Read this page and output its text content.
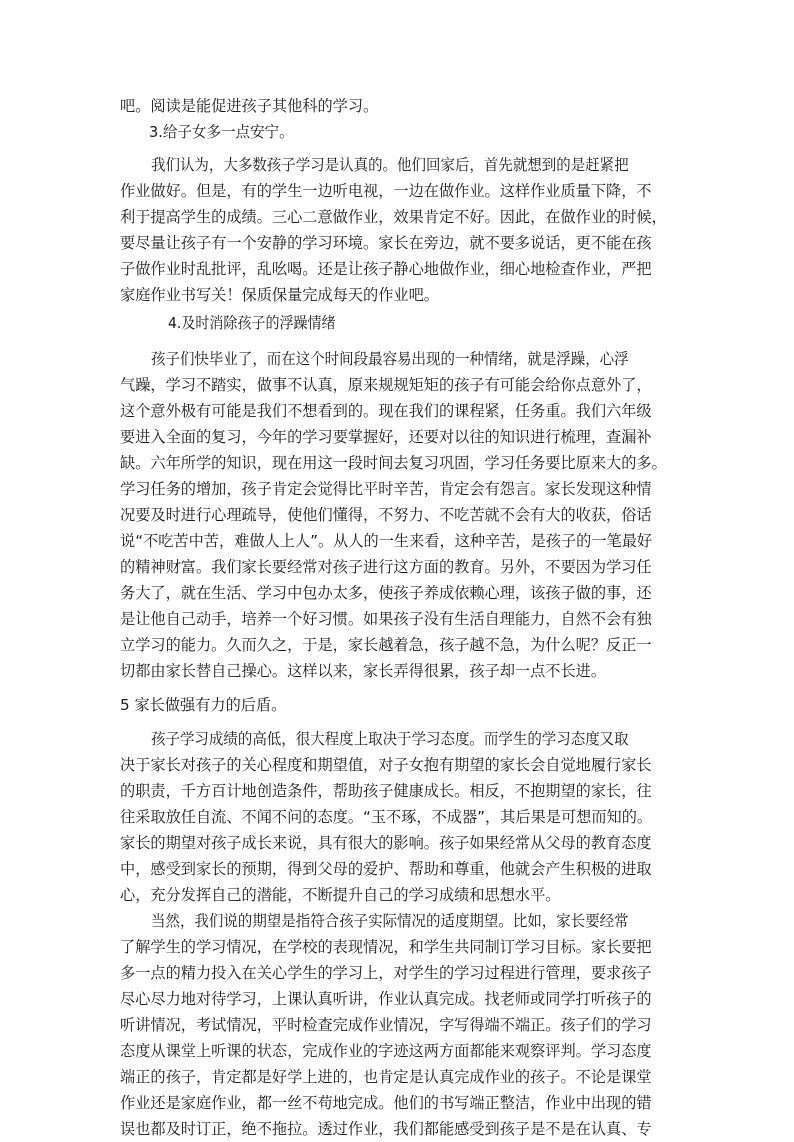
吧。阅读是能促进孩子其他科的学习。
3.给子女多一点安宁。
我们认为，大多数孩子学习是认真的。他们回家后，首先就想到的是赶紧把
作业做好。但是，有的学生一边听电视，一边在做作业。这样作业质量下降，不
利于提高学生的成绩。三心二意做作业，效果肯定不好。因此，在做作业的时候，
要尽量让孩子有一个安静的学习环境。家长在旁边，就不要多说话，更不能在孩
子做作业时乱批评，乱吆喝。还是让孩子静心地做作业，细心地检查作业，严把
家庭作业书写关！保质保量完成每天的作业吧。
4.及时消除孩子的浮躁情绪
孩子们快毕业了，而在这个时间段最容易出现的一种情绪，就是浮躁，心浮
气躁，学习不踏实，做事不认真，原来规规矩矩的孩子有可能会给你点意外了，
这个意外极有可能是我们不想看到的。现在我们的课程紧，任务重。我们六年级
要进入全面的复习，今年的学习要掌握好，还要对以往的知识进行梳理，查漏补
缺。六年所学的知识，现在用这一段时间去复习巩固，学习任务要比原来大的多。
学习任务的增加，孩子肯定会觉得比平时辛苦，肯定会有怨言。家长发现这种情
况要及时进行心理疏导，使他们懂得，不努力、不吃苦就不会有大的收获，俗话
说“不吃苦中苦，难做人上人”。从人的一生来看，这种辛苦，是孩子的一笔最好
的精神财富。我们家长要经常对孩子进行这方面的教育。另外，不要因为学习任
务大了，就在生活、学习中包办太多，使孩子养成依赖心理，该孩子做的事，还
是让他自己动手，培养一个好习惯。如果孩子没有生活自理能力，自然不会有独
立学习的能力。久而久之，于是，家长越着急，孩子越不急，为什么呢？反正一
切都由家长替自己操心。这样以来，家长弄得很累，孩子却一点不长进。
5 家长做强有力的后盾。
孩子学习成绩的高低，很大程度上取决于学习态度。而学生的学习态度又取
决于家长对孩子的关心程度和期望值，对子女抱有期望的家长会自觉地履行家长
的职责，千方百计地创造条件，帮助孩子健康成长。相反，不抱期望的家长，往
往采取放任自流、不闻不问的态度。“玉不琢，不成器”，其后果是可想而知的。
家长的期望对孩子成长来说，具有很大的影响。孩子如果经常从父母的教育态度
中，感受到家长的预期，得到父母的爱护、帮助和尊重，他就会产生积极的进取
心，充分发挥自己的潜能，不断提升自己的学习成绩和思想水平。
当然，我们说的期望是指符合孩子实际情况的适度期望。比如，家长要经常
了解学生的学习情况，在学校的表现情况，和学生共同制订学习目标。家长要把
多一点的精力投入在关心学生的学习上，对学生的学习过程进行管理，要求孩子
尽心尽力地对待学习，上课认真听讲，作业认真完成。找老师或同学打听孩子的
听讲情况，考试情况，平时检查完成作业情况，字写得端不端正。孩子们的学习
态度从课堂上听课的状态，完成作业的字迹这两方面都能来观察评判。学习态度
端正的孩子，肯定都是好学上进的，也肯定是认真完成作业的孩子。不论是课堂
作业还是家庭作业，都一丝不苟地完成。他们的书写端正整洁，作业中出现的错
误也都及时订正，绝不拖拉。透过作业，我们都能感受到孩子是不是在认真、专
